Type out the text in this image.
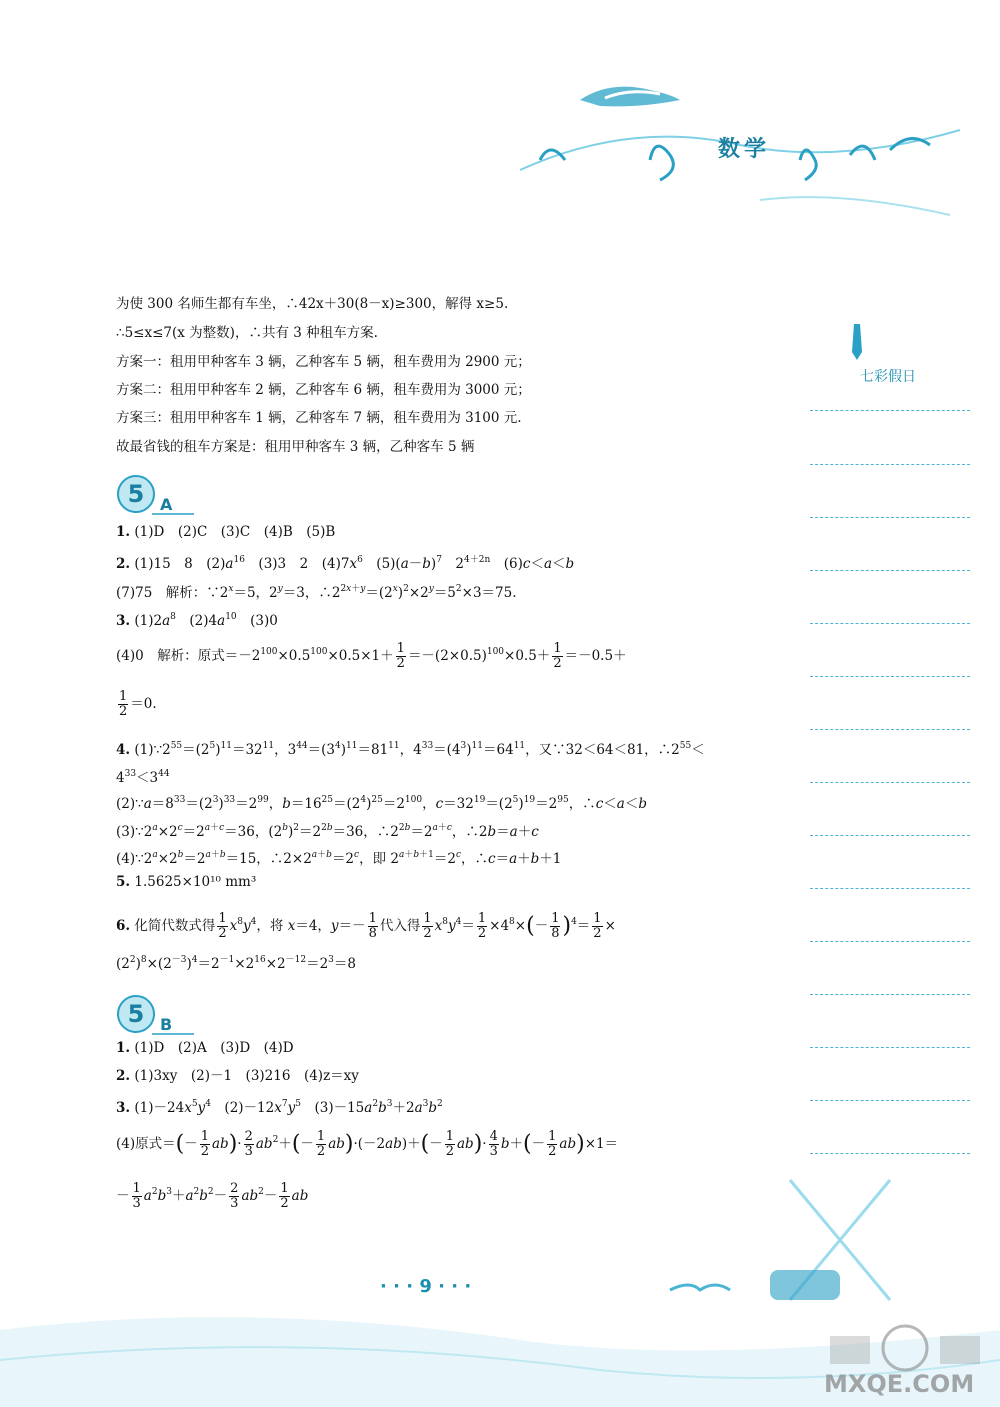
数学
七彩假日
5 A
5 B
为使 300 名师生都有车坐，∴42x＋30(8－x)≥300，解得 x≥5.
∴5≤x≤7(x 为整数)，∴共有 3 种租车方案.
方案一：租用甲种客车 3 辆，乙种客车 5 辆，租车费用为 2900 元；
方案二：租用甲种客车 2 辆，乙种客车 6 辆，租车费用为 3000 元；
方案三：租用甲种客车 1 辆，乙种客车 7 辆，租车费用为 3100 元.
故最省钱的租车方案是：租用甲种客车 3 辆，乙种客车 5 辆
1. (1)D　(2)C　(3)C　(4)B　(5)B
2. (1)15　8　$(2)a^{16}$　(3)3　2　$(4)7x^6$　$(5)(a-b)^7$　$2^{4+2n}$　(6)c＜a＜b
(7)75　解析：$\because 2^x=5$，$2^y=3$，$\therefore 2^{2x+y}=(2^x)^2\times 2^y=5^2\times 3=75$.
3. $(1)2a^8$　$(2)4a^{10}$　(3)0
(4)0　解析：原式$=-2^{100}\times 0.5^{100}\times 0.5\times 1+ \frac{1}{2} =-(2\times 0.5)^{100}\times 0.5+ \frac{1}{2} =-0.5+$
$\frac{1}{2} =0$.
4. $(1)\because 2^{55}=(2^5)^{11}=32^{11}$，$3^{44}=(3^4)^{11}=81^{11}$，$4^{33}=(4^3)^{11}=64^{11}$，又∵32＜64＜81，$\therefore 2^{55}<$
$4^{33}<3^{44}$
$(2)\because a=8^{33}=(2^3)^{33}=2^{99}$，$b=16^{25}=(2^4)^{25}=2^{100}$，$c=32^{19}=(2^5)^{19}=2^{95}$，∴c＜a＜b
$(3)\because 2^a\times 2^c=2^{a+c}=36$，$(2^b)^2=2^{2b}=36$，$\therefore 2^{2b}=2^{a+c}$，∴2b＝a＋c
$(4)\because 2^a\times 2^b=2^{a+b}=15$，$\therefore 2\times 2^{a+b}=2^c$，即 $2^{a+b+1}=2^c$，∴c＝a＋b＋1
5. 1.5625×10¹⁰ mm³
6. 化简代数式得 $\frac{1}{2} x^8y^4$，将 x＝4，$y=- \frac{1}{8}$ 代入得 $\frac{1}{2} x^8y^4= \frac{1}{2} \times 4^8\times(- \frac{1}{8} )^4= \frac{1}{2}$ ×
$(2^2)^8\times(2^{-3})^4=2^{-1}\times 2^{16}\times 2^{-12}=2^3=8$
1. (1)D　(2)A　(3)D　(4)D
2. (1)3xy　(2)－1　(3)216　(4)z＝xy
3. $(1)-24x^5y^4$　$(2)-12x^7y^5$　$(3)-15a^2b^3+2a^3b^2$
(4)原式＝(－ $\frac{1}{2} ab)\cdot \frac{2}{3} ab^2+(- \frac{1}{2} ab)\cdot(-2ab)+(- \frac{1}{2} ab)\cdot \frac{4}{3} b+(- \frac{1}{2} ab)\times 1=$
－ $\frac{1}{3} a^2b^3+a^2b^2- \frac{2}{3} ab^2- \frac{1}{2}$ ab
· · · 9 · · ·
MXQE.COM
